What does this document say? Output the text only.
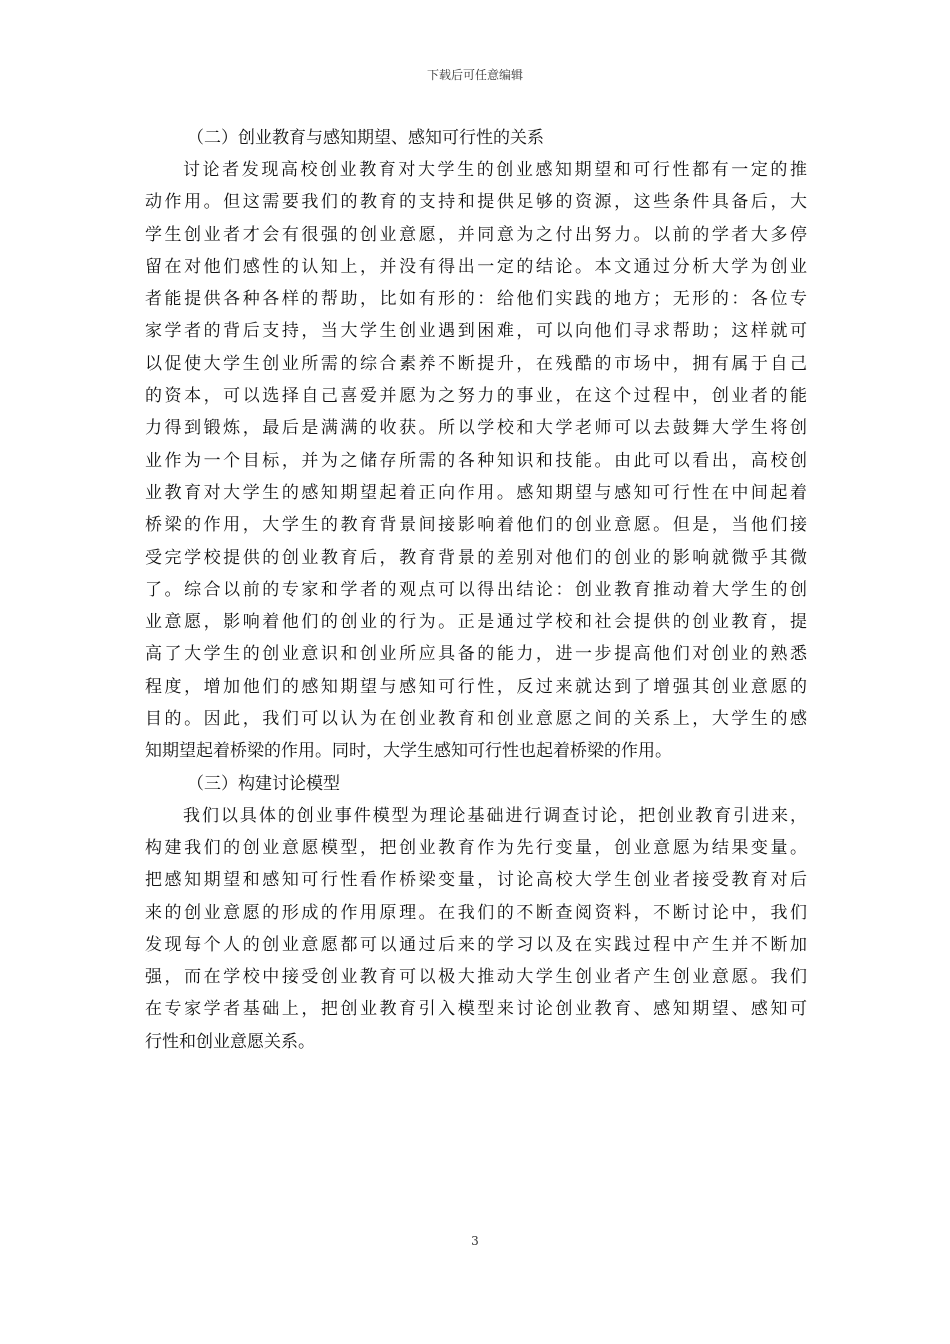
下载后可任意编辑
（二）创业教育与感知期望、感知可行性的关系
讨论者发现高校创业教育对大学生的创业感知期望和可行性都有一定的推
动作用。但这需要我们的教育的支持和提供足够的资源，这些条件具备后，大
学生创业者才会有很强的创业意愿，并同意为之付出努力。以前的学者大多停
留在对他们感性的认知上，并没有得出一定的结论。本文通过分析大学为创业
者能提供各种各样的帮助，比如有形的：给他们实践的地方；无形的：各位专
家学者的背后支持，当大学生创业遇到困难，可以向他们寻求帮助；这样就可
以促使大学生创业所需的综合素养不断提升，在残酷的市场中，拥有属于自己
的资本，可以选择自己喜爱并愿为之努力的事业，在这个过程中，创业者的能
力得到锻炼，最后是满满的收获。所以学校和大学老师可以去鼓舞大学生将创
业作为一个目标，并为之储存所需的各种知识和技能。由此可以看出，高校创
业教育对大学生的感知期望起着正向作用。感知期望与感知可行性在中间起着
桥梁的作用，大学生的教育背景间接影响着他们的创业意愿。但是，当他们接
受完学校提供的创业教育后，教育背景的差别对他们的创业的影响就微乎其微
了。综合以前的专家和学者的观点可以得出结论：创业教育推动着大学生的创
业意愿，影响着他们的创业的行为。正是通过学校和社会提供的创业教育，提
高了大学生的创业意识和创业所应具备的能力，进一步提高他们对创业的熟悉
程度，增加他们的感知期望与感知可行性，反过来就达到了增强其创业意愿的
目的。因此，我们可以认为在创业教育和创业意愿之间的关系上，大学生的感
知期望起着桥梁的作用。同时，大学生感知可行性也起着桥梁的作用。
（三）构建讨论模型
我们以具体的创业事件模型为理论基础进行调查讨论，把创业教育引进来，
构建我们的创业意愿模型，把创业教育作为先行变量，创业意愿为结果变量。
把感知期望和感知可行性看作桥梁变量，讨论高校大学生创业者接受教育对后
来的创业意愿的形成的作用原理。在我们的不断查阅资料，不断讨论中，我们
发现每个人的创业意愿都可以通过后来的学习以及在实践过程中产生并不断加
强，而在学校中接受创业教育可以极大推动大学生创业者产生创业意愿。我们
在专家学者基础上，把创业教育引入模型来讨论创业教育、感知期望、感知可
行性和创业意愿关系。
3
